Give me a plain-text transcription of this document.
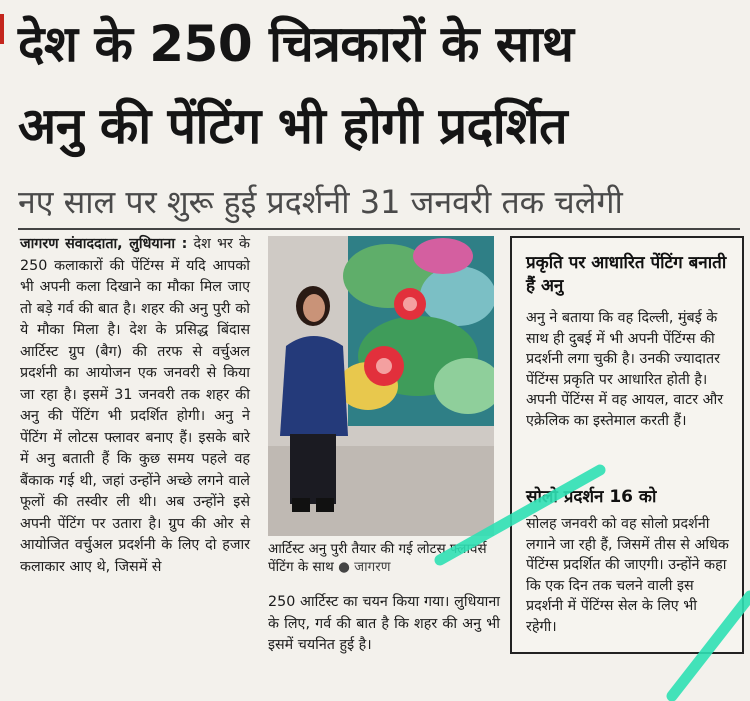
देश के 250 चित्रकारों के साथ
अनु की पेंटिंग भी होगी प्रदर्शित
नए साल पर शुरू हुई प्रदर्शनी 31 जनवरी तक चलेगी

जागरण संवाददाता, लुधियाना : देश भर के 250 कलाकारों की पेंटिंग्स में यदि आपको भी अपनी कला दिखाने का मौका मिल जाए तो बड़े गर्व की बात है। शहर की अनु पुरी को ये मौका मिला है। देश के प्रसिद्ध बिंदास आर्टिस्ट ग्रुप (बैग) की तरफ से वर्चुअल प्रदर्शनी का आयोजन एक जनवरी से किया जा रहा है। इसमें 31 जनवरी तक शहर की अनु की पेंटिंग भी प्रदर्शित होगी। अनु ने पेंटिंग में लोटस फ्लावर बनाए हैं। इसके बारे में अनु बताती हैं कि कुछ समय पहले वह बैंकाक गई थी, जहां उन्होंने अच्छे लगने वाले फूलों की तस्वीर ली थी। अब उन्होंने इसे अपनी पेंटिंग पर उतारा है। ग्रुप की ओर से आयोजित वर्चुअल प्रदर्शनी के लिए दो हजार कलाकार आए थे, जिसमें से

आर्टिस्ट अनु पुरी तैयार की गई लोटस फ्लावर्स पेंटिंग के साथ ● जागरण

250 आर्टिस्ट का चयन किया गया। लुधियाना के लिए, गर्व की बात है कि शहर की अनु भी इसमें चयनित हुई है।

प्रकृति पर आधारित पेंटिंग बनाती हैं अनु

अनु ने बताया कि वह दिल्ली, मुंबई के साथ ही दुबई में भी अपनी पेंटिंग्स की प्रदर्शनी लगा चुकी है। उनकी ज्यादातर पेंटिंग्स प्रकृति पर आधारित होती है। अपनी पेंटिंग्स में वह आयल, वाटर और एक्रेलिक का इस्तेमाल करती हैं।

सोलो प्रदर्शन 16 को

सोलह जनवरी को वह सोलो प्रदर्शनी लगाने जा रही हैं, जिसमें तीस से अधिक पेंटिंग्स प्रदर्शित की जाएगी। उन्होंने कहा कि एक दिन तक चलने वाली इस प्रदर्शनी में पेंटिंग्स सेल के लिए भी रहेगी।
